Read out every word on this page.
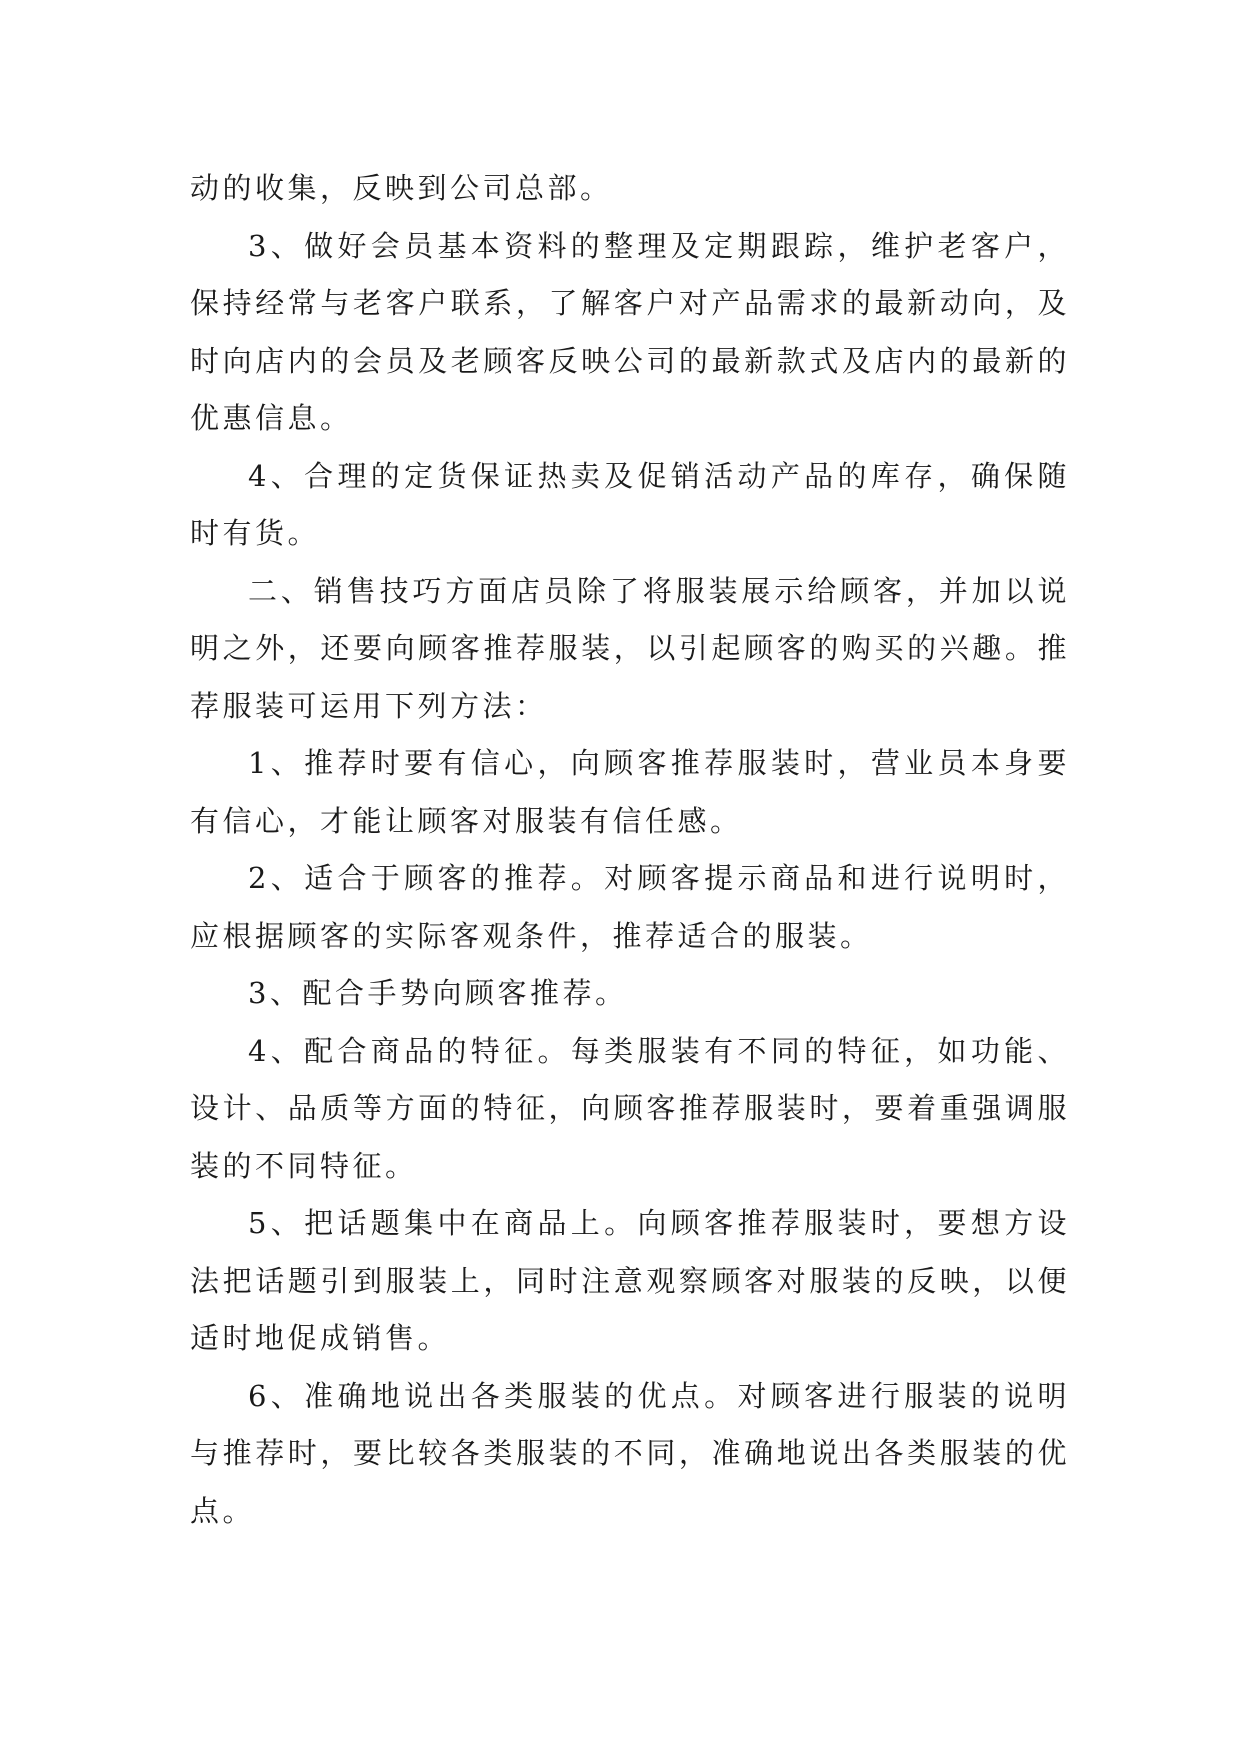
动的收集，反映到公司总部。

3、做好会员基本资料的整理及定期跟踪，维护老客户，保持经常与老客户联系，了解客户对产品需求的最新动向，及时向店内的会员及老顾客反映公司的最新款式及店内的最新的优惠信息。

4、合理的定货保证热卖及促销活动产品的库存，确保随时有货。

二、销售技巧方面店员除了将服装展示给顾客，并加以说明之外，还要向顾客推荐服装，以引起顾客的购买的兴趣。推荐服装可运用下列方法：

1、推荐时要有信心，向顾客推荐服装时，营业员本身要有信心，才能让顾客对服装有信任感。

2、适合于顾客的推荐。对顾客提示商品和进行说明时，应根据顾客的实际客观条件，推荐适合的服装。

3、配合手势向顾客推荐。

4、配合商品的特征。每类服装有不同的特征，如功能、设计、品质等方面的特征，向顾客推荐服装时，要着重强调服装的不同特征。

5、把话题集中在商品上。向顾客推荐服装时，要想方设法把话题引到服装上，同时注意观察顾客对服装的反映，以便适时地促成销售。

6、准确地说出各类服装的优点。对顾客进行服装的说明与推荐时，要比较各类服装的不同，准确地说出各类服装的优点。
